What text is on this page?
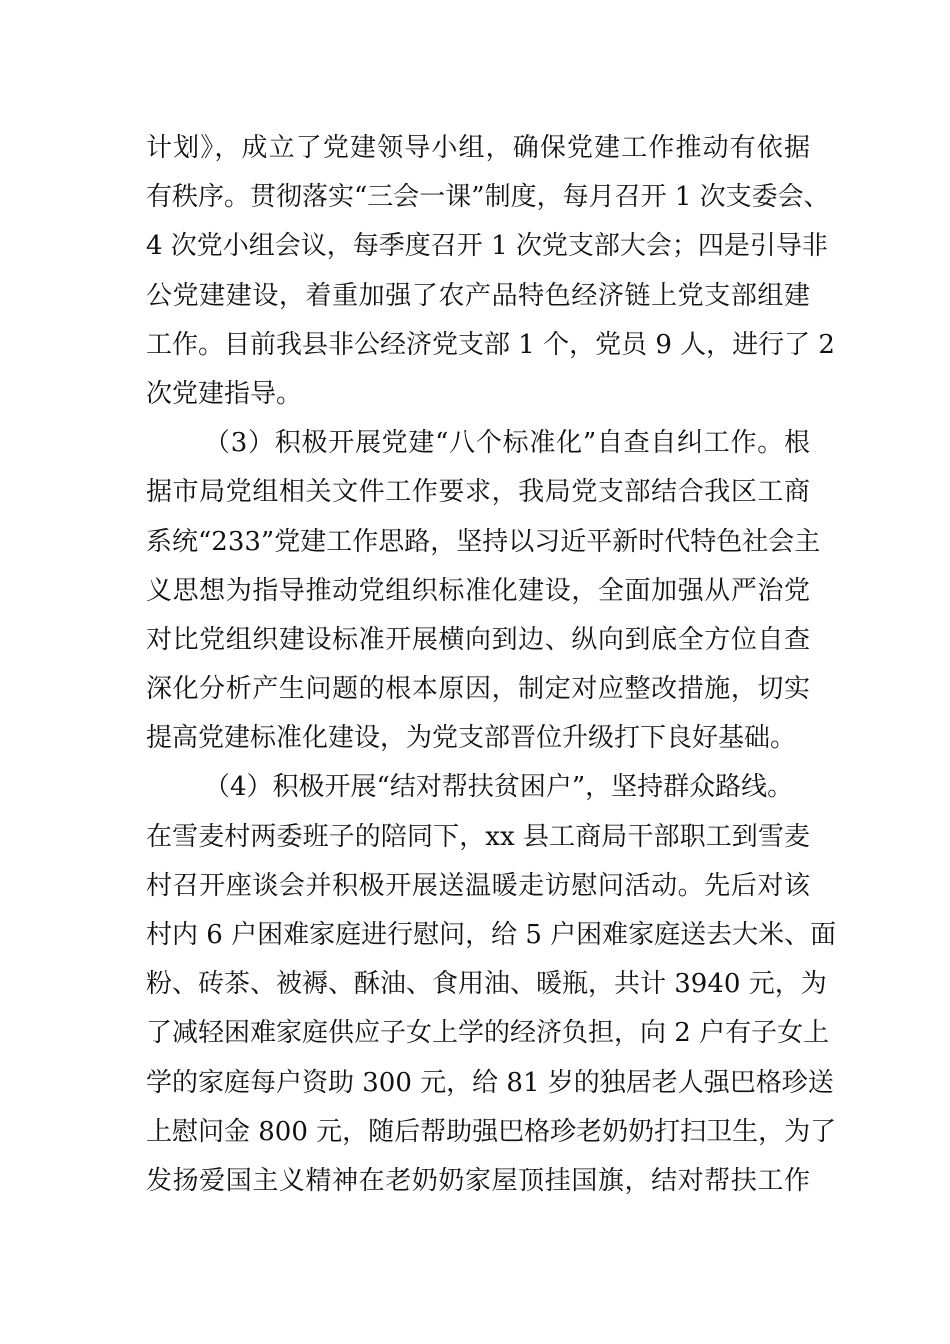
计划》，成立了党建领导小组，确保党建工作推动有依据
有秩序。贯彻落实“三会一课”制度，每月召开 1 次支委会、
4 次党小组会议，每季度召开 1 次党支部大会；四是引导非
公党建建设，着重加强了农产品特色经济链上党支部组建
工作。目前我县非公经济党支部 1 个，党员 9 人，进行了 2
次党建指导。
（3）积极开展党建“八个标准化”自查自纠工作。根
据市局党组相关文件工作要求，我局党支部结合我区工商
系统“233”党建工作思路，坚持以习近平新时代特色社会主
义思想为指导推动党组织标准化建设，全面加强从严治党
对比党组织建设标准开展横向到边、纵向到底全方位自查
深化分析产生问题的根本原因，制定对应整改措施，切实
提高党建标准化建设，为党支部晋位升级打下良好基础。
（4）积极开展“结对帮扶贫困户”，坚持群众路线。
在雪麦村两委班子的陪同下，xx 县工商局干部职工到雪麦
村召开座谈会并积极开展送温暖走访慰问活动。先后对该
村内 6 户困难家庭进行慰问，给 5 户困难家庭送去大米、面
粉、砖茶、被褥、酥油、食用油、暖瓶，共计 3940 元，为
了减轻困难家庭供应子女上学的经济负担，向 2 户有子女上
学的家庭每户资助 300 元，给 81 岁的独居老人强巴格珍送
上慰问金 800 元，随后帮助强巴格珍老奶奶打扫卫生，为了
发扬爱国主义精神在老奶奶家屋顶挂国旗，结对帮扶工作
